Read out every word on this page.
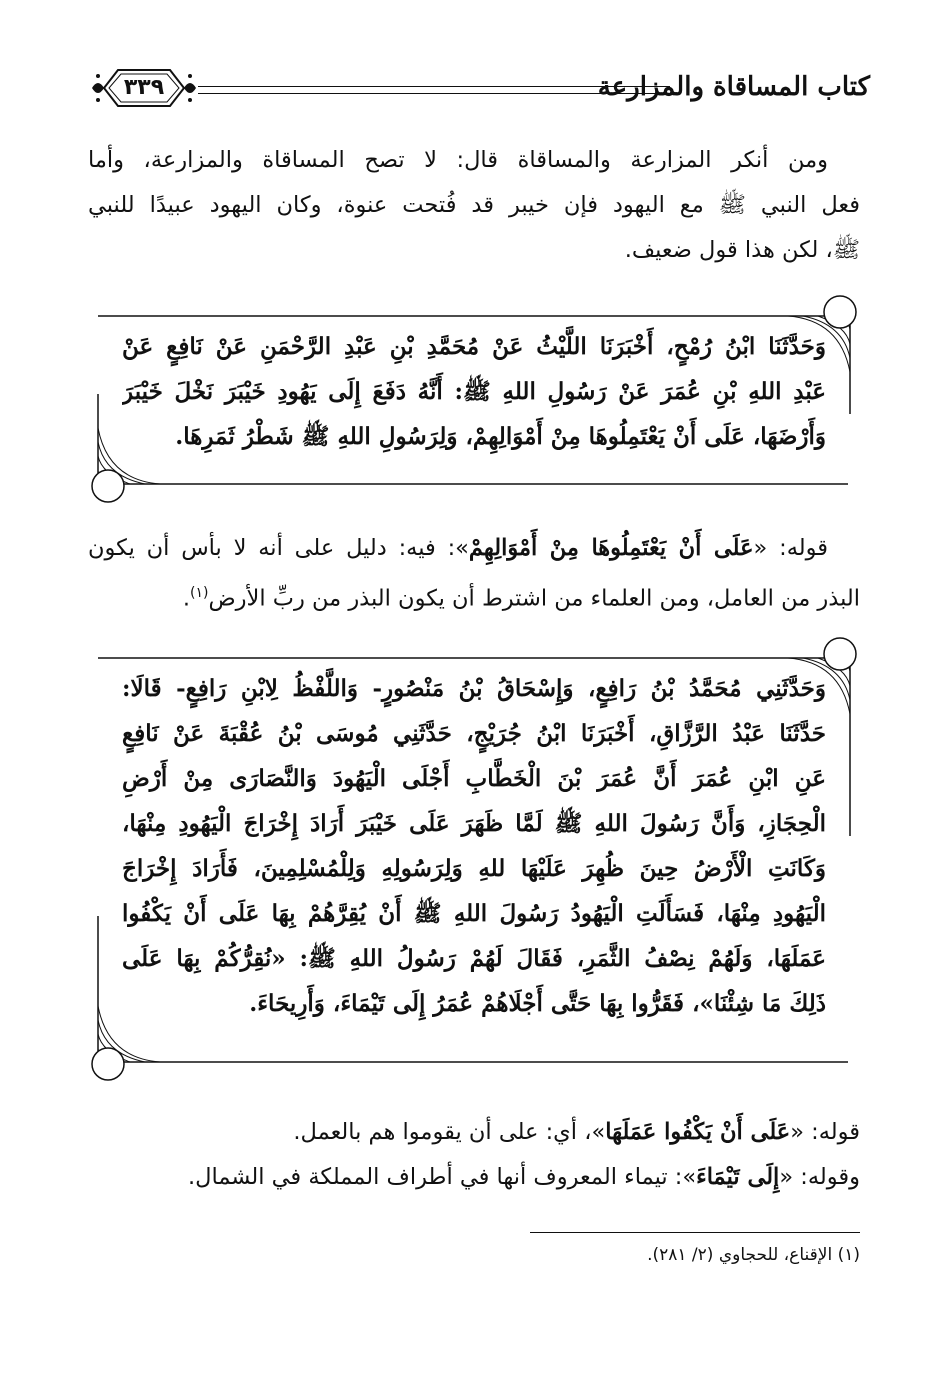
كتاب المساقاة والمزارعة
٣٣٩
ومن أنكر المزارعة والمساقاة قال: لا تصح المساقاة والمزارعة، وأما
فعل النبي ﷺ مع اليهود فإن خيبر قد فُتحت عنوة، وكان اليهود عبيدًا للنبي
ﷺ، لكن هذا قول ضعيف.
وَحَدَّثَنَا ابْنُ رُمْحٍ، أَخْبَرَنَا اللَّيْثُ عَنْ مُحَمَّدِ بْنِ عَبْدِ الرَّحْمَنِ عَنْ نَافِعٍ عَنْ
عَبْدِ اللهِ بْنِ عُمَرَ عَنْ رَسُولِ اللهِ ﷺ: أَنَّهُ دَفَعَ إِلَى يَهُودِ خَيْبَرَ نَخْلَ خَيْبَرَ
وَأَرْضَهَا، عَلَى أَنْ يَعْتَمِلُوهَا مِنْ أَمْوَالِهِمْ، وَلِرَسُولِ اللهِ ﷺ شَطْرُ ثَمَرِهَا.
قوله: «عَلَى أَنْ يَعْتَمِلُوهَا مِنْ أَمْوَالِهِمْ»: فيه: دليل على أنه لا بأس أن يكون
البذر من العامل، ومن العلماء من اشترط أن يكون البذر من ربِّ الأرض$^{(١)}$.
وَحَدَّثَنِي مُحَمَّدُ بْنُ رَافِعٍ، وَإِسْحَاقُ بْنُ مَنْصُورٍ- وَاللَّفْظُ لِابْنِ رَافِعٍ- قَالَا:
حَدَّثَنَا عَبْدُ الرَّزَّاقِ، أَخْبَرَنَا ابْنُ جُرَيْجٍ، حَدَّثَنِي مُوسَى بْنُ عُقْبَةَ عَنْ نَافِعٍ
عَنِ ابْنِ عُمَرَ أَنَّ عُمَرَ بْنَ الْخَطَّابِ أَجْلَى الْيَهُودَ وَالنَّصَارَى مِنْ أَرْضِ
الْحِجَازِ، وَأَنَّ رَسُولَ اللهِ ﷺ لَمَّا ظَهَرَ عَلَى خَيْبَرَ أَرَادَ إِخْرَاجَ الْيَهُودِ مِنْهَا،
وَكَانَتِ الْأَرْضُ حِينَ ظُهِرَ عَلَيْهَا للهِ وَلِرَسُولِهِ وَلِلْمُسْلِمِينَ، فَأَرَادَ إِخْرَاجَ
الْيَهُودِ مِنْهَا، فَسَأَلَتِ الْيَهُودُ رَسُولَ اللهِ ﷺ أَنْ يُقِرَّهُمْ بِهَا عَلَى أَنْ يَكْفُوا
عَمَلَهَا، وَلَهُمْ نِصْفُ الثَّمَرِ، فَقَالَ لَهُمْ رَسُولُ اللهِ ﷺ: «نُقِرُّكُمْ بِهَا عَلَى
ذَلِكَ مَا شِئْنَا»، فَقَرُّوا بِهَا حَتَّى أَجْلَاهُمْ عُمَرُ إِلَى تَيْمَاءَ، وَأَرِيحَاءَ.
قوله: «عَلَى أَنْ يَكْفُوا عَمَلَهَا»، أي: على أن يقوموا هم بالعمل.
وقوله: «إِلَى تَيْمَاءَ»: تيماء المعروف أنها في أطراف المملكة في الشمال.
(١) الإقناع، للحجاوي (٢/ ٢٨١).
